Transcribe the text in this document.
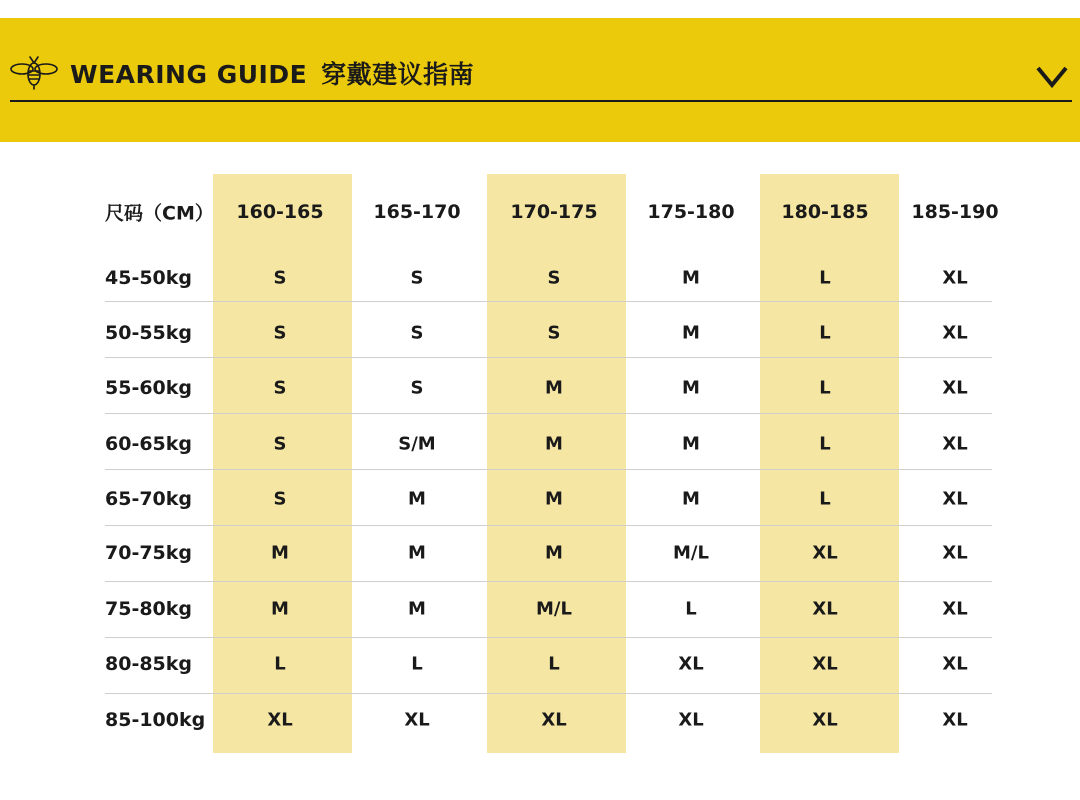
WEARING GUIDE 穿戴建议指南
尺码（CM） 160-165	165-170	170-175	175-180 180-185 185-190
45-50kg	S	S	S	M	L	XL
50-55kg	S	S	S	M	L	XL
55-60kg	S	S	M	M	L	XL
60-65kg	S	S/M	M	M	L	XL
65-70kg	S	M	M	M	L	XL
70-75kg	M	M	M	M/L	XL	XL
75-80kg	M	M	M/L	L	XL	XL
80-85kg	L	L	L	XL	XL	XL
85-100kg	XL	XL	XL	XL	XL	XL
